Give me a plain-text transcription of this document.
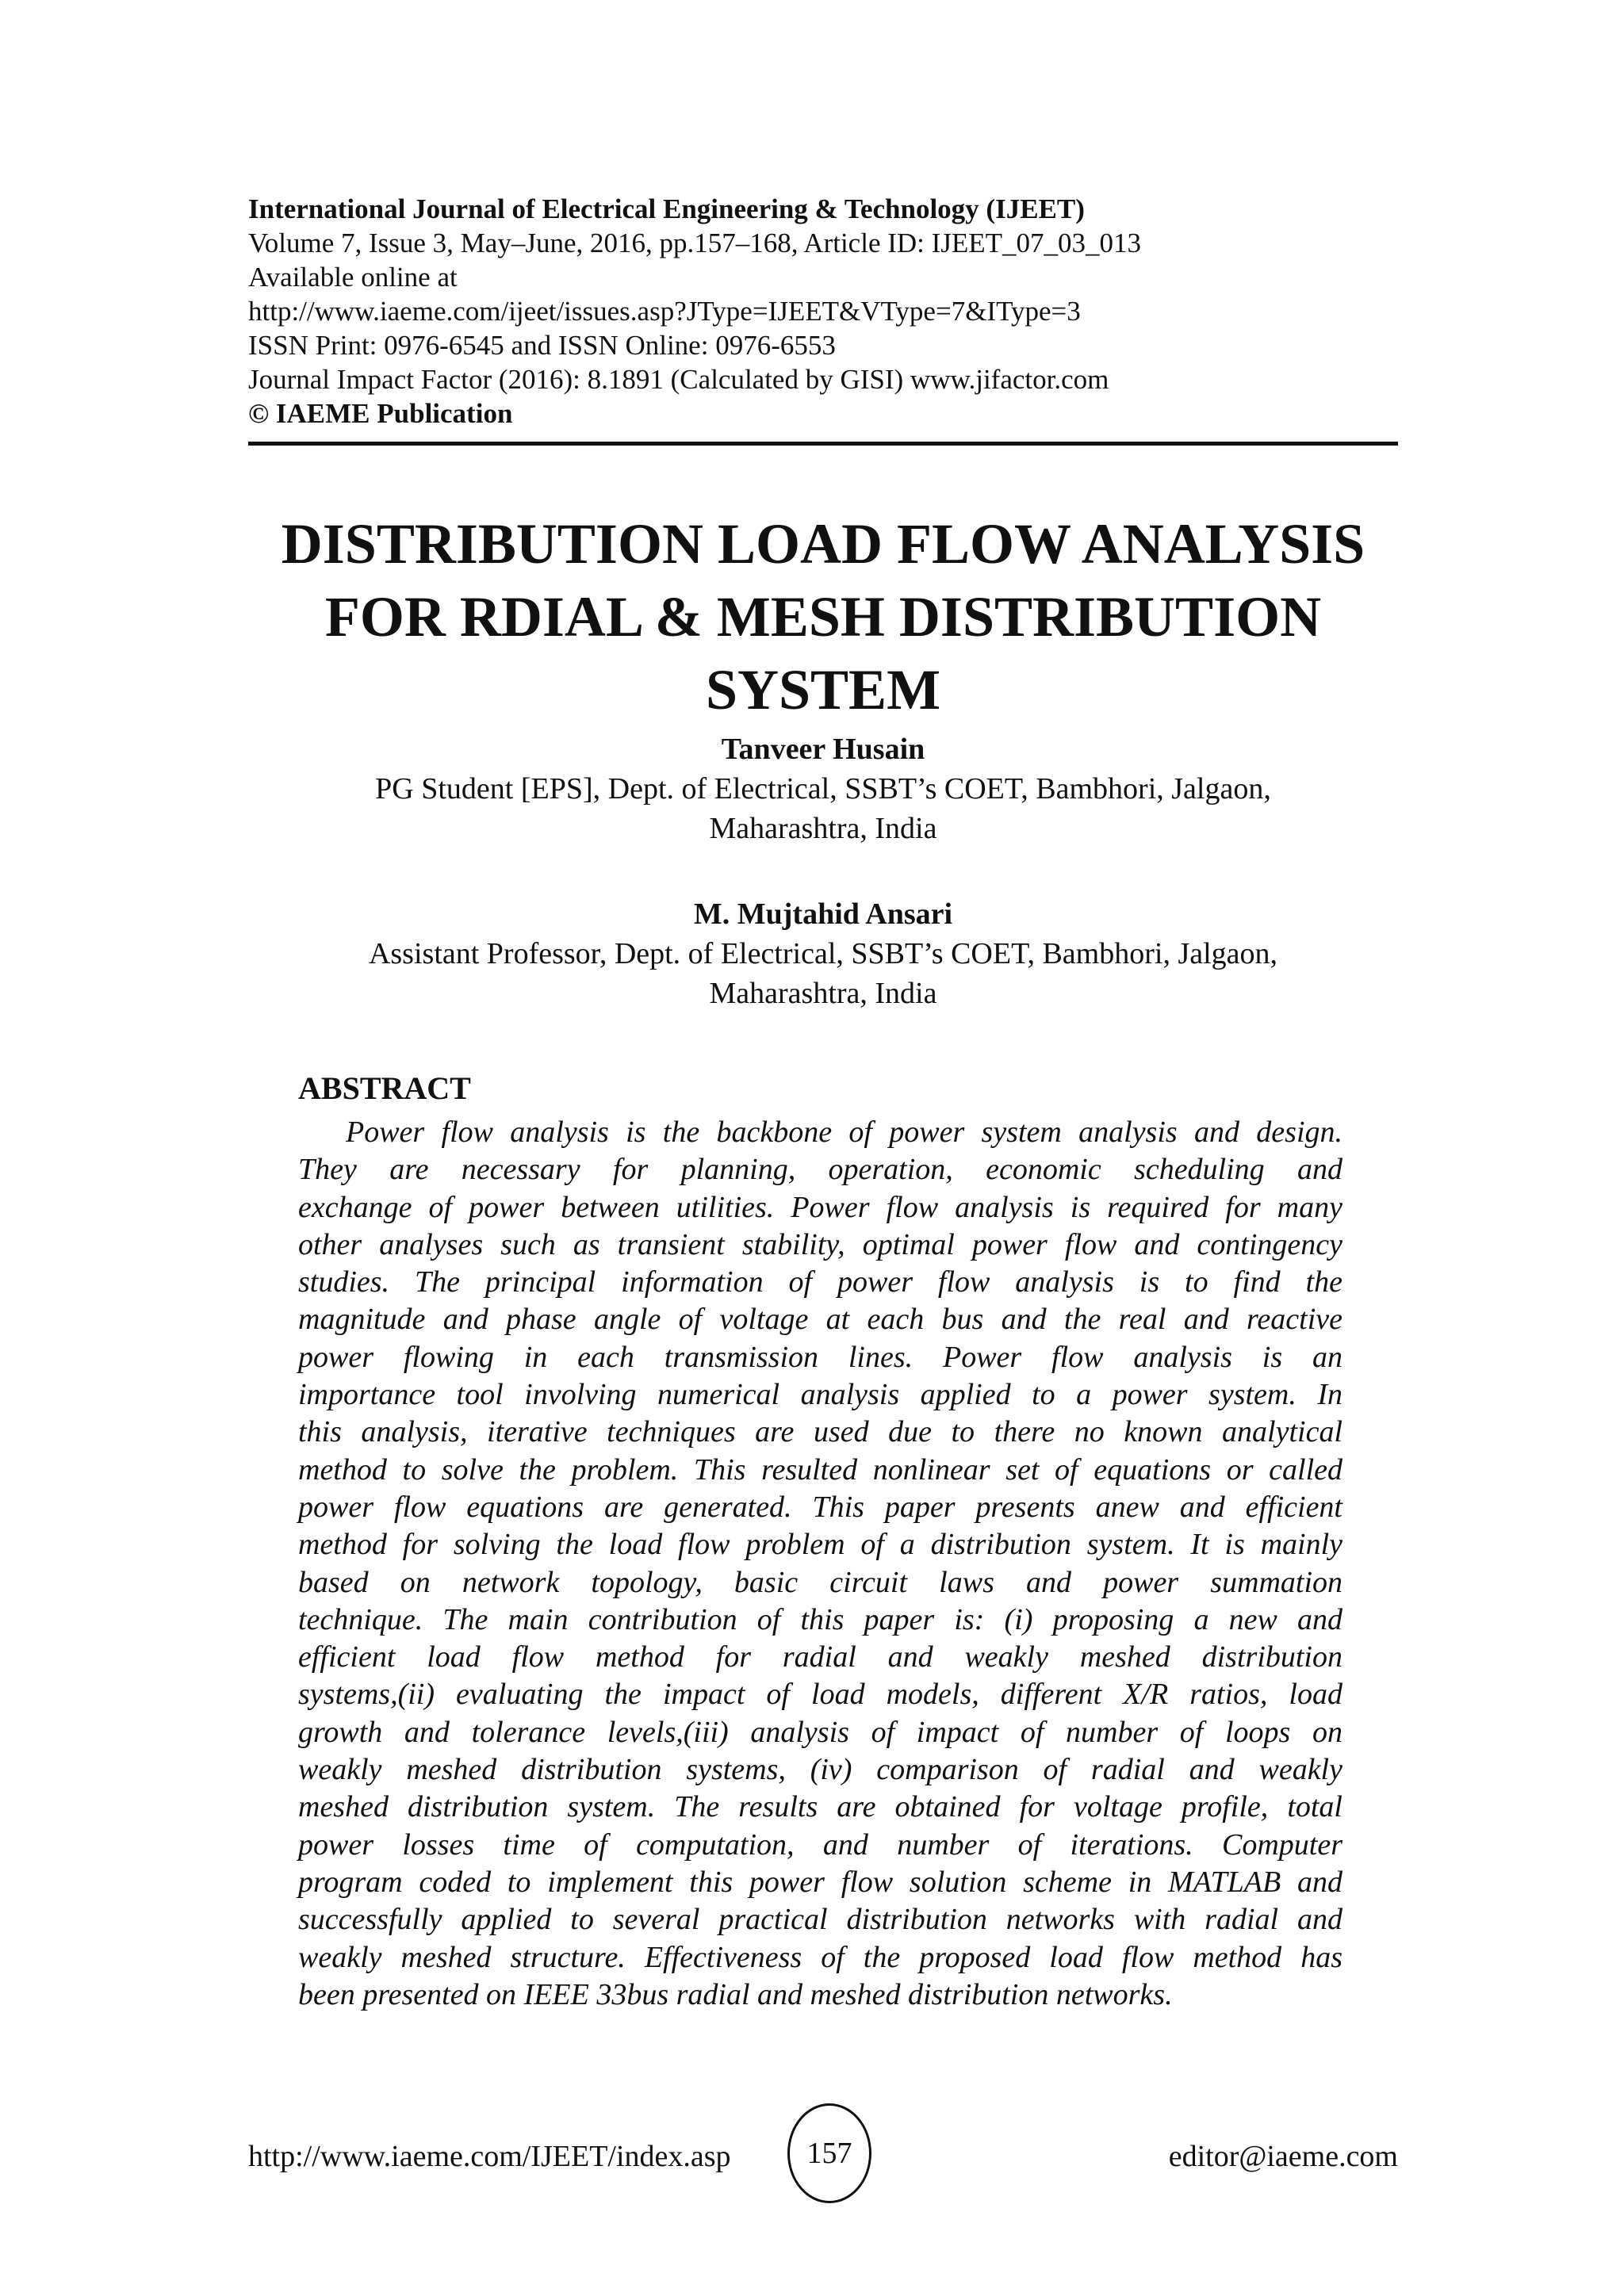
International Journal of Electrical Engineering & Technology (IJEET)
Volume 7, Issue 3, May–June, 2016, pp.157–168, Article ID: IJEET_07_03_013
Available online at
http://www.iaeme.com/ijeet/issues.asp?JType=IJEET&VType=7&IType=3
ISSN Print: 0976-6545 and ISSN Online: 0976-6553
Journal Impact Factor (2016): 8.1891 (Calculated by GISI) www.jifactor.com
© IAEME Publication
DISTRIBUTION LOAD FLOW ANALYSIS
FOR RDIAL & MESH DISTRIBUTION
SYSTEM
Tanveer Husain
PG Student [EPS], Dept. of Electrical, SSBT’s COET, Bambhori, Jalgaon,
Maharashtra, India
M. Mujtahid Ansari
Assistant Professor, Dept. of Electrical, SSBT’s COET, Bambhori, Jalgaon,
Maharashtra, India
ABSTRACT
Power flow analysis is the backbone of power system analysis and design.
They are necessary for planning, operation, economic scheduling and
exchange of power between utilities. Power flow analysis is required for many
other analyses such as transient stability, optimal power flow and contingency
studies. The principal information of power flow analysis is to find the
magnitude and phase angle of voltage at each bus and the real and reactive
power flowing in each transmission lines. Power flow analysis is an
importance tool involving numerical analysis applied to a power system. In
this analysis, iterative techniques are used due to there no known analytical
method to solve the problem. This resulted nonlinear set of equations or called
power flow equations are generated. This paper presents anew and efficient
method for solving the load flow problem of a distribution system. It is mainly
based on network topology, basic circuit laws and power summation
technique. The main contribution of this paper is: (i) proposing a new and
efficient load flow method for radial and weakly meshed distribution
systems,(ii) evaluating the impact of load models, different X/R ratios, load
growth and tolerance levels,(iii) analysis of impact of number of loops on
weakly meshed distribution systems, (iv) comparison of radial and weakly
meshed distribution system. The results are obtained for voltage profile, total
power losses time of computation, and number of iterations. Computer
program coded to implement this power flow solution scheme in MATLAB and
successfully applied to several practical distribution networks with radial and
weakly meshed structure. Effectiveness of the proposed load flow method has
been presented on IEEE 33bus radial and meshed distribution networks.
http://www.iaeme.com/IJEET/index.asp	157	editor@iaeme.com
